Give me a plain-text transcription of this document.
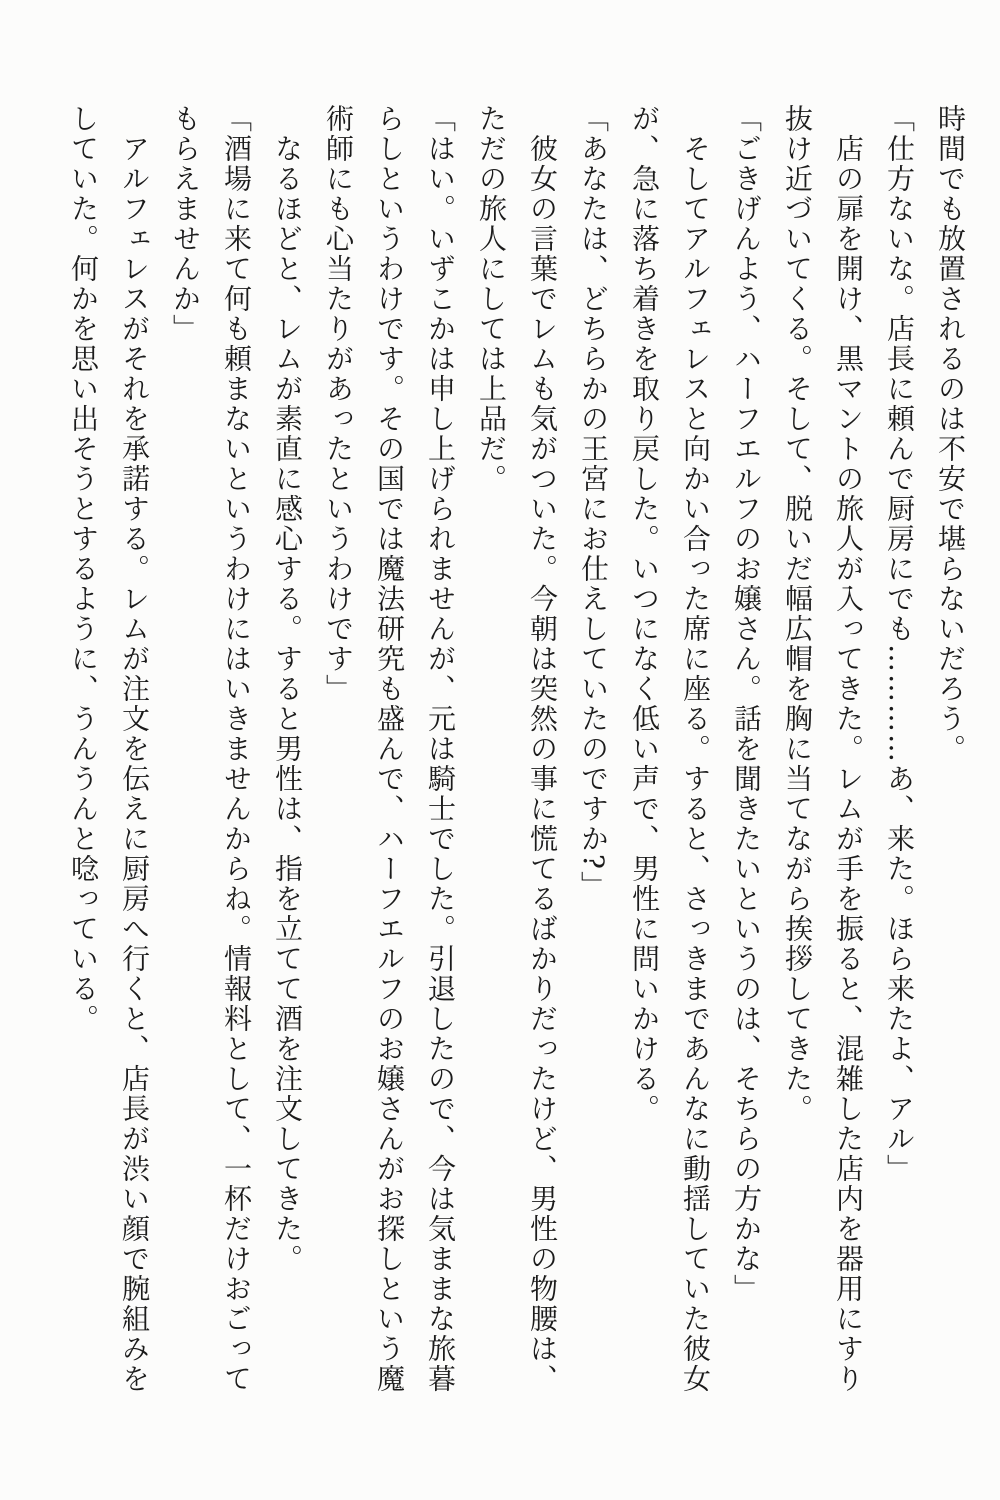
時間でも放置されるのは不安で堪らないだろう。

「仕方ないな。店長に頼んで厨房にでも…………あ、来た。ほら来たよ、アル」

店の扉を開け、黒マントの旅人が入ってきた。レムが手を振ると、混雑した店内を器用にすり

抜け近づいてくる。そして、脱いだ幅広帽を胸に当てながら挨拶してきた。

「ごきげんよう、ハーフエルフのお嬢さん。話を聞きたいというのは、そちらの方かな」

そしてアルフェレスと向かい合った席に座る。すると、さっきまであんなに動揺していた彼女

が、急に落ち着きを取り戻した。いつになく低い声で、男性に問いかける。

「あなたは、どちらかの王宮にお仕えしていたのですか?」

彼女の言葉でレムも気がついた。今朝は突然の事に慌てるばかりだったけど、男性の物腰は、

ただの旅人にしては上品だ。

「はい。いずこかは申し上げられませんが、元は騎士でした。引退したので、今は気ままな旅暮

らしというわけです。その国では魔法研究も盛んで、ハーフエルフのお嬢さんがお探しという魔

術師にも心当たりがあったというわけです」

なるほどと、レムが素直に感心する。すると男性は、指を立てて酒を注文してきた。

「酒場に来て何も頼まないというわけにはいきませんからね。情報料として、一杯だけおごって

もらえませんか」

アルフェレスがそれを承諾する。レムが注文を伝えに厨房へ行くと、店長が渋い顔で腕組みを

していた。何かを思い出そうとするように、うんうんと唸っている。
